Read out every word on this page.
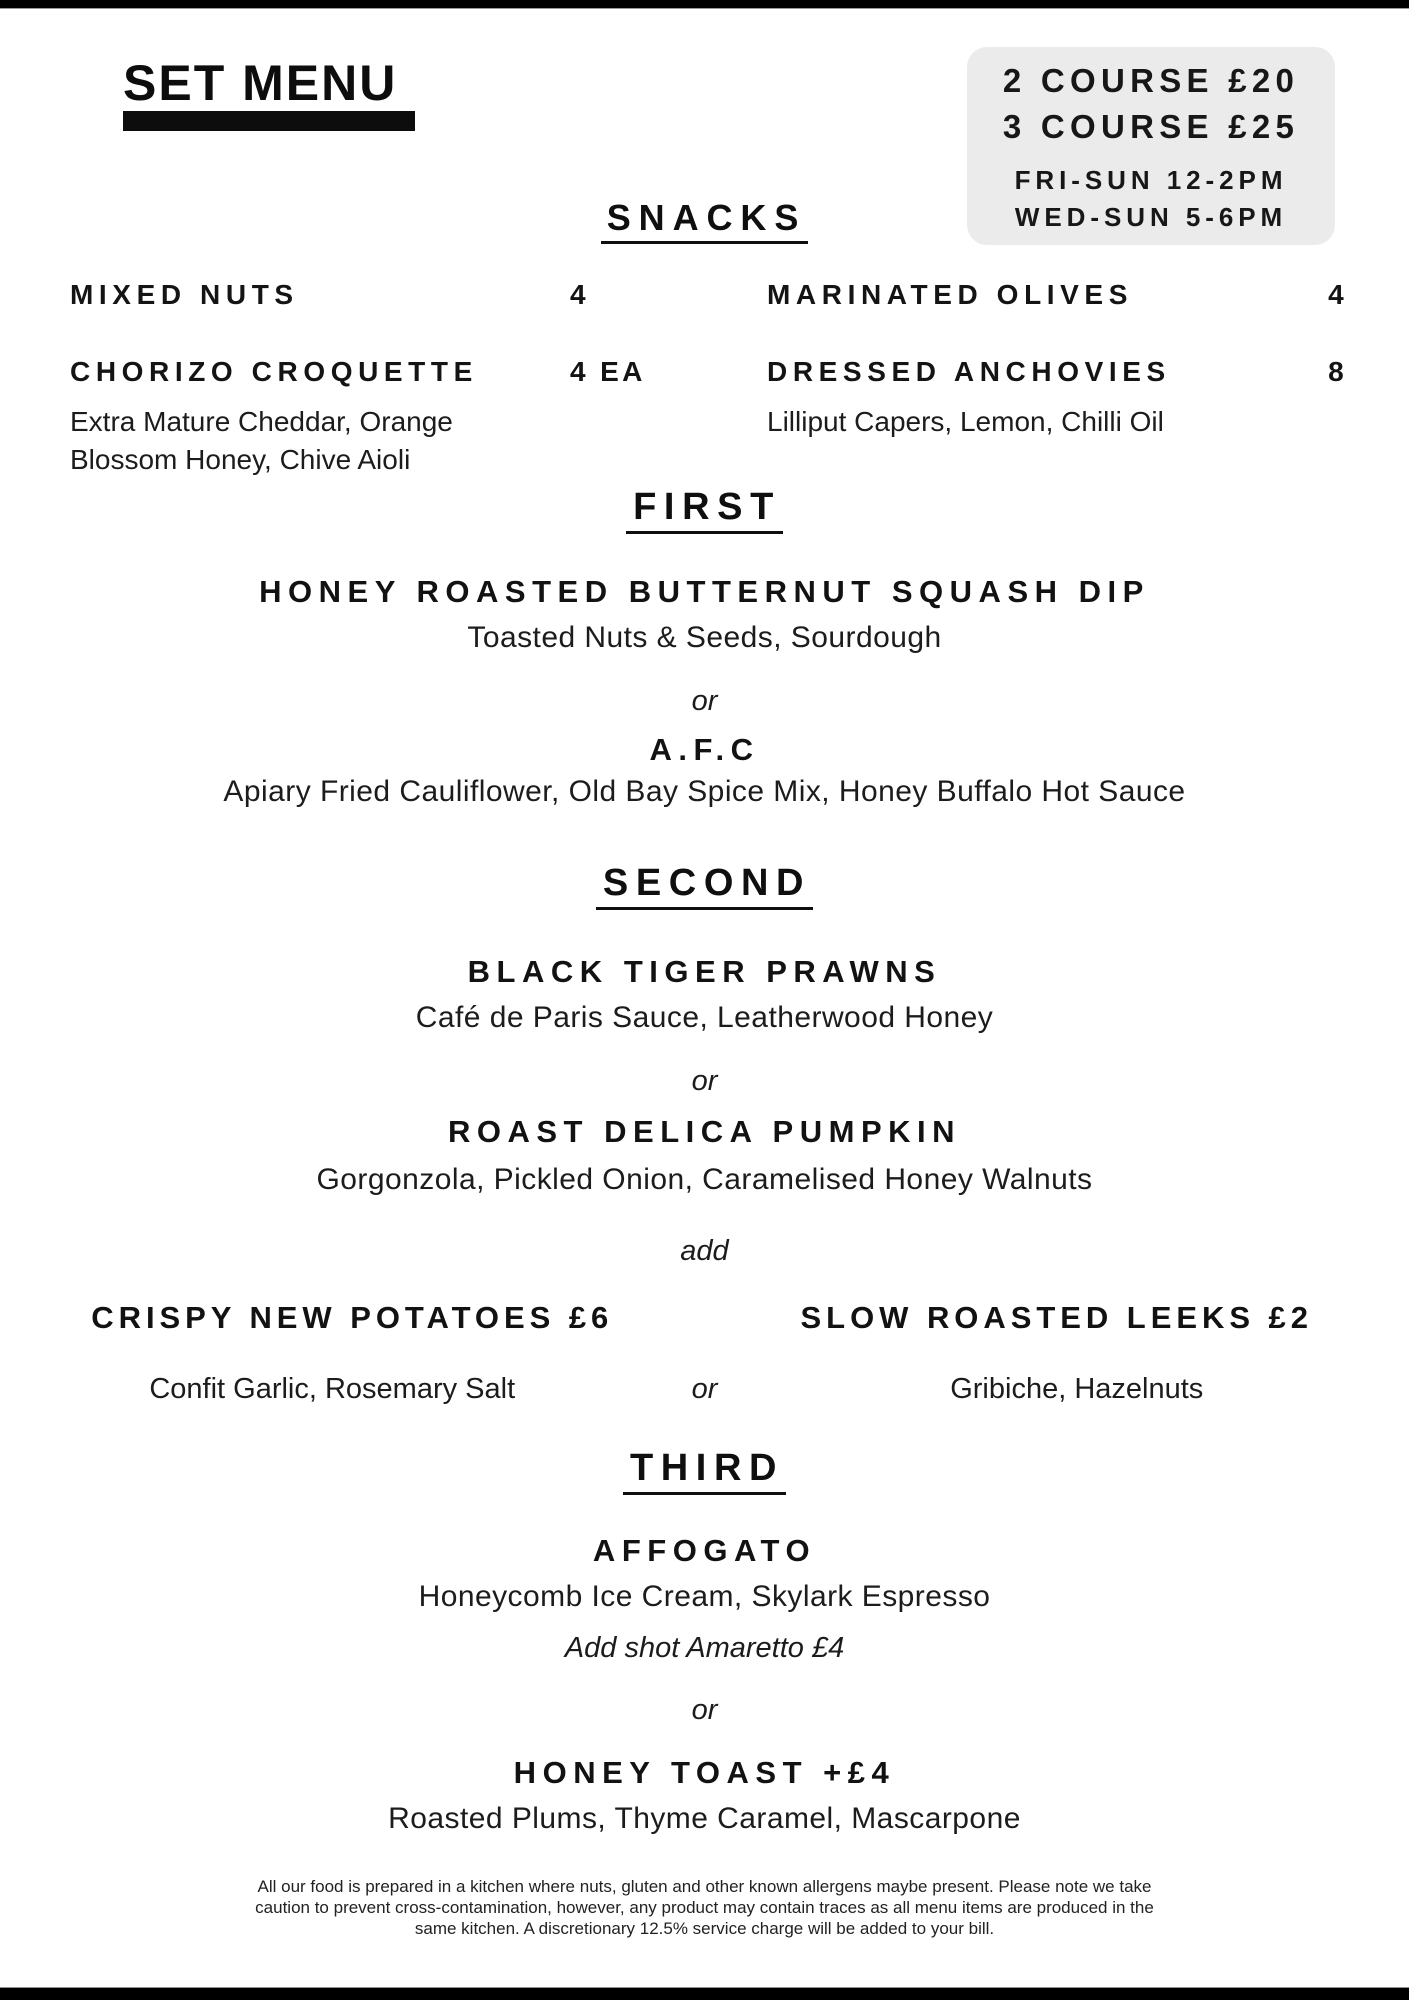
SET MENU	2 COURSE £20
3 COURSE £25
FRI-SUN 12-2PM
WED-SUN 5-6PM
SNACKS
MIXED NUTS	4
CHORIZO CROQUETTE	4 EA
Extra Mature Cheddar, Orange Blossom Honey, Chive Aioli
MARINATED OLIVES	4
DRESSED ANCHOVIES	8
Lilliput Capers, Lemon, Chilli Oil
FIRST
HONEY ROASTED BUTTERNUT SQUASH DIP
Toasted Nuts & Seeds, Sourdough
or
A.F.C
Apiary Fried Cauliflower, Old Bay Spice Mix, Honey Buffalo Hot Sauce
SECOND
BLACK TIGER PRAWNS
Café de Paris Sauce, Leatherwood Honey
or
ROAST DELICA PUMPKIN
Gorgonzola, Pickled Onion, Caramelised Honey Walnuts
add
CRISPY NEW POTATOES £6	SLOW ROASTED LEEKS £2
Confit Garlic, Rosemary Salt	or	Gribiche, Hazelnuts
THIRD
AFFOGATO
Honeycomb Ice Cream, Skylark Espresso
Add shot Amaretto £4
or
HONEY TOAST +£4
Roasted Plums, Thyme Caramel, Mascarpone
All our food is prepared in a kitchen where nuts, gluten and other known allergens maybe present. Please note we take
caution to prevent cross-contamination, however, any product may contain traces as all menu items are produced in the
same kitchen. A discretionary 12.5% service charge will be added to your bill.
